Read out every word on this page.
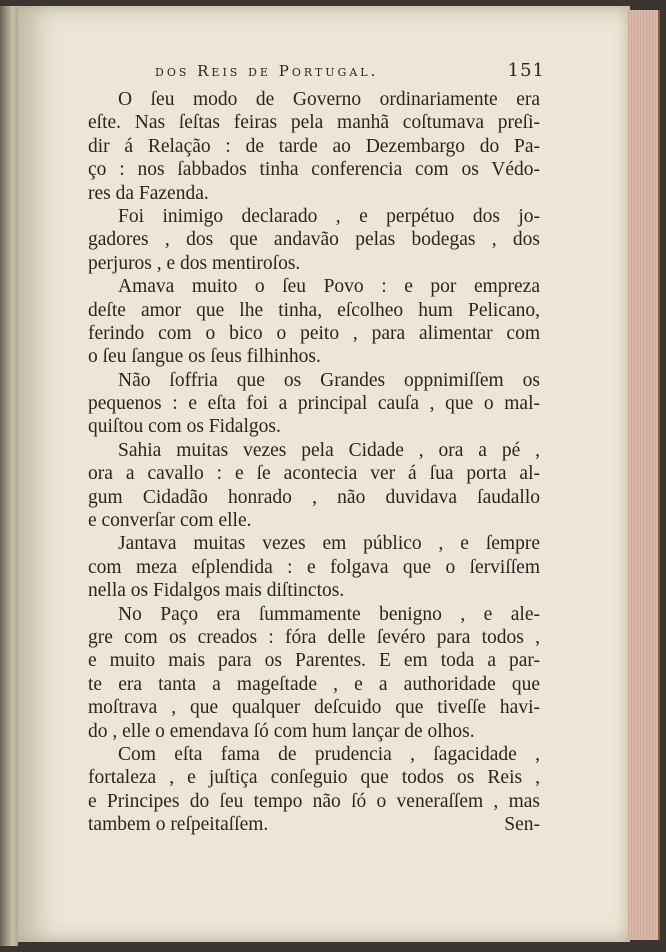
dos Reis de Portugal.	151
O ſeu modo de Governo ordinariamente era
eſte. Nas ſeſtas feiras pela manhã coſtumava preſi-
dir á Relação : de tarde ao Dezembargo do Pa-
ço : nos ſabbados tinha conferencia com os Védo-
res da Fazenda.
Foi inimigo declarado , e perpétuo dos jo-
gadores , dos que andavão pelas bodegas , dos
perjuros , e dos mentiroſos.
Amava muito o ſeu Povo : e por empreza
deſte amor que lhe tinha, eſcolheo hum Pelicano,
ferindo com o bico o peito , para alimentar com
o ſeu ſangue os ſeus filhinhos.
Não ſoffria que os Grandes oppnimiſſem os
pequenos : e eſta foi a principal cauſa , que o mal-
quiſtou com os Fidalgos.
Sahia muitas vezes pela Cidade , ora a pé ,
ora a cavallo : e ſe acontecia ver á ſua porta al-
gum Cidadão honrado , não duvidava ſaudallo
e converſar com elle.
Jantava muitas vezes em público , e ſempre
com meza eſplendida : e folgava que o ſerviſſem
nella os Fidalgos mais diſtinctos.
No Paço era ſummamente benigno , e ale-
gre com os creados : fóra delle ſevéro para todos ,
e muito mais para os Parentes. E em toda a par-
te era tanta a mageſtade , e a authoridade que
moſtrava , que qualquer deſcuido que tiveſſe havi-
do , elle o emendava ſó com hum lançar de olhos.
Com eſta fama de prudencia , ſagacidade ,
fortaleza , e juſtiça conſeguio que todos os Reis ,
e Principes do ſeu tempo não ſó o veneraſſem , mas
tambem o reſpeitaſſem.	Sen-
